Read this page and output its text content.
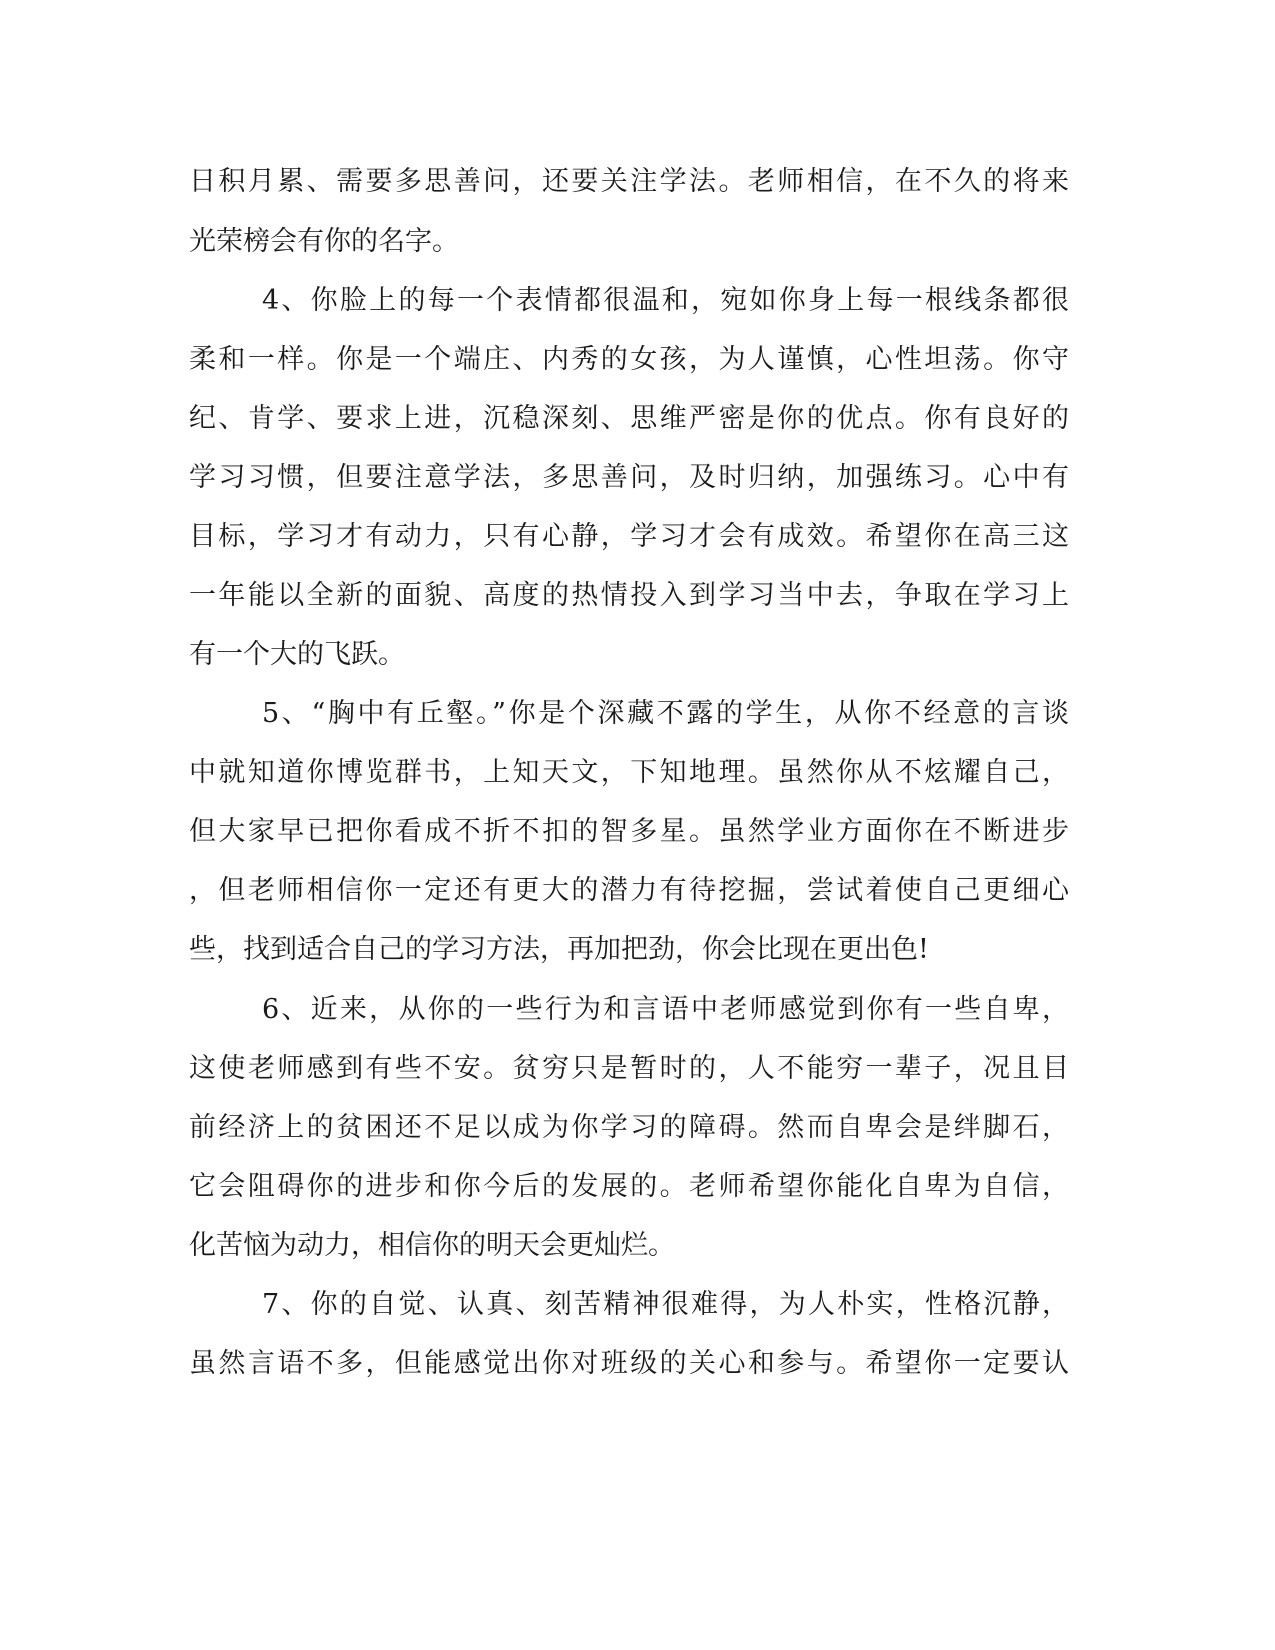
日积月累、需要多思善问，还要关注学法。老师相信，在不久的将来
光荣榜会有你的名字。
4、你脸上的每一个表情都很温和，宛如你身上每一根线条都很
柔和一样。你是一个端庄、内秀的女孩，为人谨慎，心性坦荡。你守
纪、肯学、要求上进，沉稳深刻、思维严密是你的优点。你有良好的
学习习惯，但要注意学法，多思善问，及时归纳，加强练习。心中有
目标，学习才有动力，只有心静，学习才会有成效。希望你在高三这
一年能以全新的面貌、高度的热情投入到学习当中去，争取在学习上
有一个大的飞跃。
5、“胸中有丘壑。”你是个深藏不露的学生，从你不经意的言谈
中就知道你博览群书，上知天文，下知地理。虽然你从不炫耀自己，
但大家早已把你看成不折不扣的智多星。虽然学业方面你在不断进步
，但老师相信你一定还有更大的潜力有待挖掘，尝试着使自己更细心
些，找到适合自己的学习方法，再加把劲，你会比现在更出色!
6、近来，从你的一些行为和言语中老师感觉到你有一些自卑，
这使老师感到有些不安。贫穷只是暂时的，人不能穷一辈子，况且目
前经济上的贫困还不足以成为你学习的障碍。然而自卑会是绊脚石，
它会阻碍你的进步和你今后的发展的。老师希望你能化自卑为自信，
化苦恼为动力，相信你的明天会更灿烂。
7、你的自觉、认真、刻苦精神很难得，为人朴实，性格沉静，
虽然言语不多，但能感觉出你对班级的关心和参与。希望你一定要认
